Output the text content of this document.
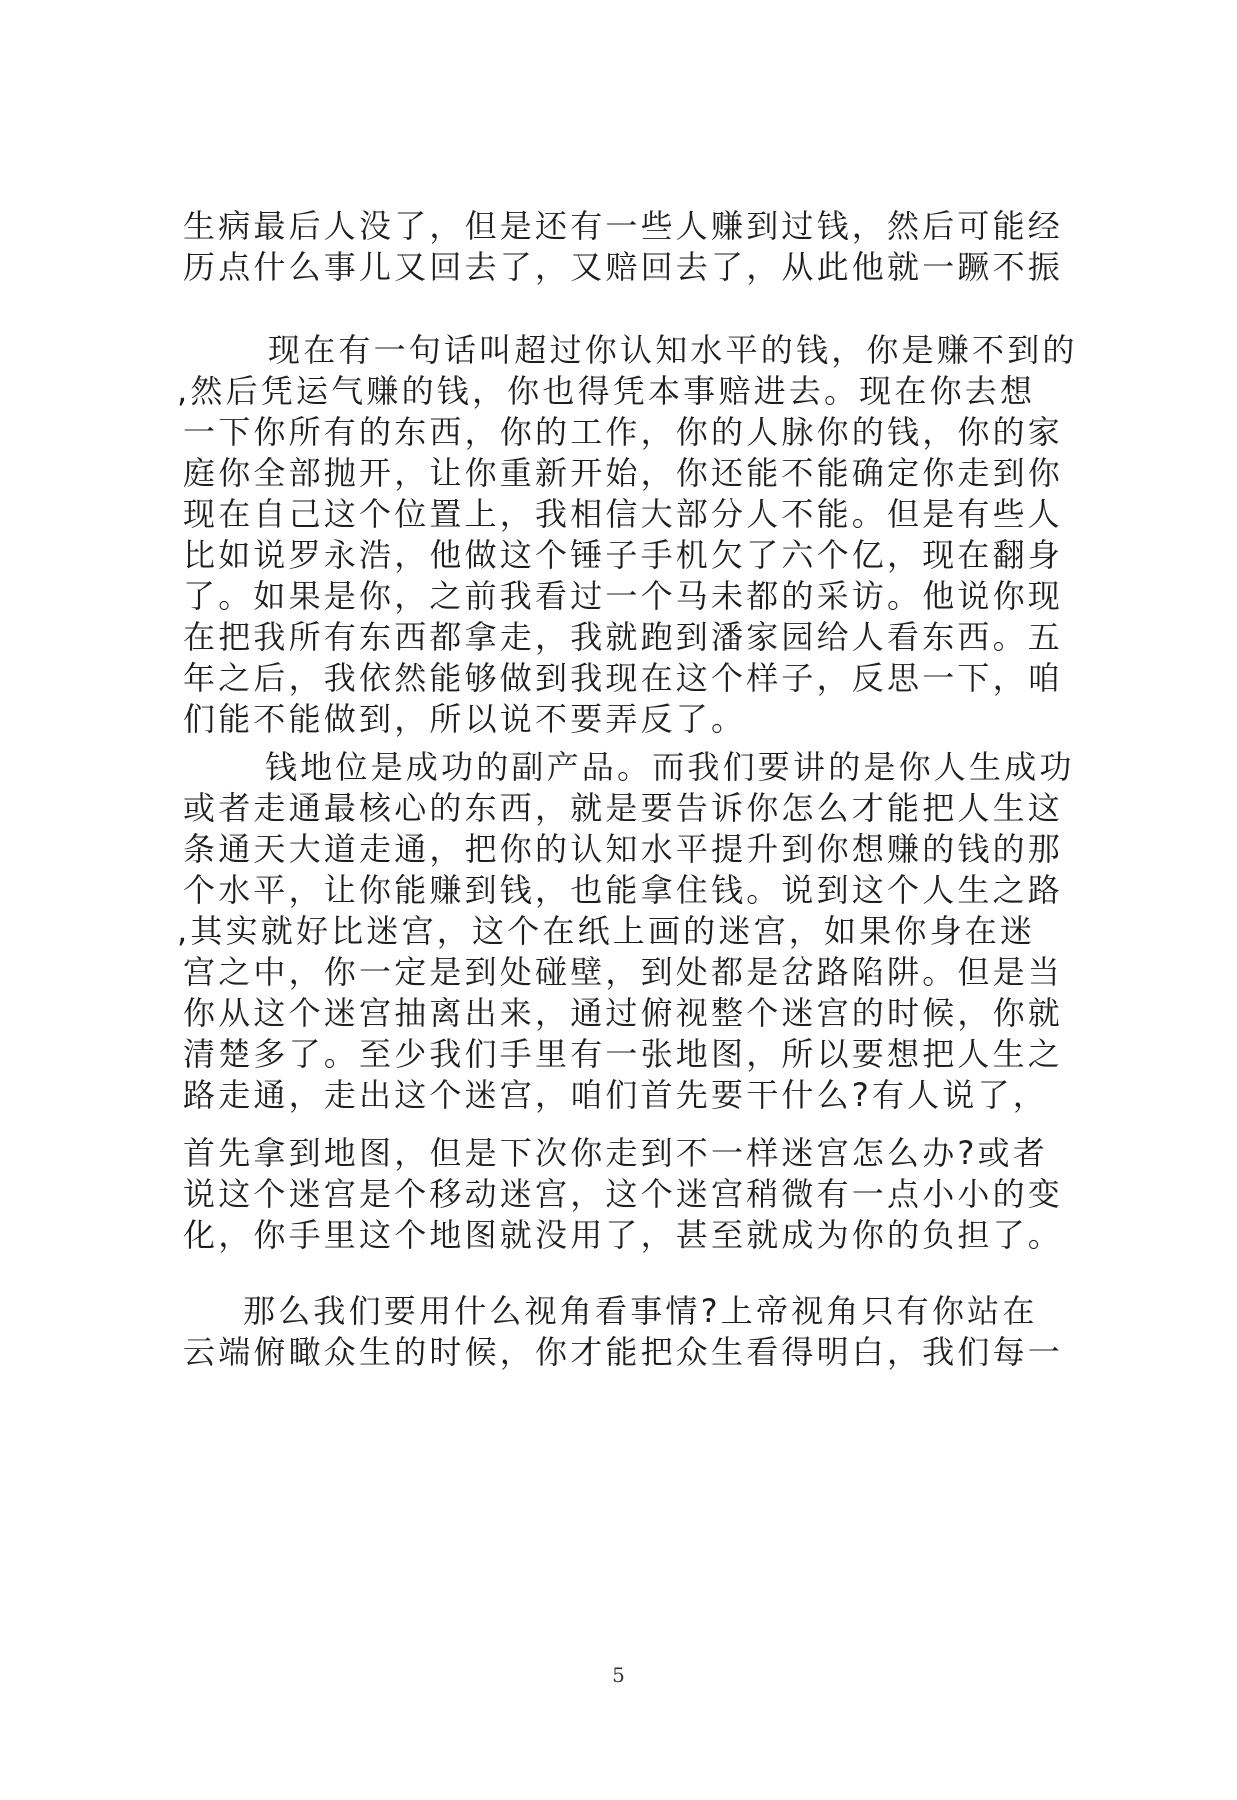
生病最后人没了，但是还有一些人赚到过钱，然后可能经
历点什么事儿又回去了，又赔回去了，从此他就一蹶不振
现在有一句话叫超过你认知水平的钱，你是赚不到的
,然后凭运气赚的钱，你也得凭本事赔进去。现在你去想
一下你所有的东西，你的工作，你的人脉你的钱，你的家
庭你全部抛开，让你重新开始，你还能不能确定你走到你
现在自己这个位置上，我相信大部分人不能。但是有些人
比如说罗永浩，他做这个锤子手机欠了六个亿，现在翻身
了。如果是你，之前我看过一个马未都的采访。他说你现
在把我所有东西都拿走，我就跑到潘家园给人看东西。五
年之后，我依然能够做到我现在这个样子，反思一下，咱
们能不能做到，所以说不要弄反了。
钱地位是成功的副产品。而我们要讲的是你人生成功
或者走通最核心的东西，就是要告诉你怎么才能把人生这
条通天大道走通，把你的认知水平提升到你想赚的钱的那
个水平，让你能赚到钱，也能拿住钱。说到这个人生之路
,其实就好比迷宫，这个在纸上画的迷宫，如果你身在迷
宫之中，你一定是到处碰壁，到处都是岔路陷阱。但是当
你从这个迷宫抽离出来，通过俯视整个迷宫的时候，你就
清楚多了。至少我们手里有一张地图，所以要想把人生之
路走通，走出这个迷宫，咱们首先要干什么?有人说了，
首先拿到地图，但是下次你走到不一样迷宫怎么办?或者
说这个迷宫是个移动迷宫，这个迷宫稍微有一点小小的变
化，你手里这个地图就没用了，甚至就成为你的负担了。
那么我们要用什么视角看事情?上帝视角只有你站在
云端俯瞰众生的时候，你才能把众生看得明白，我们每一
5
